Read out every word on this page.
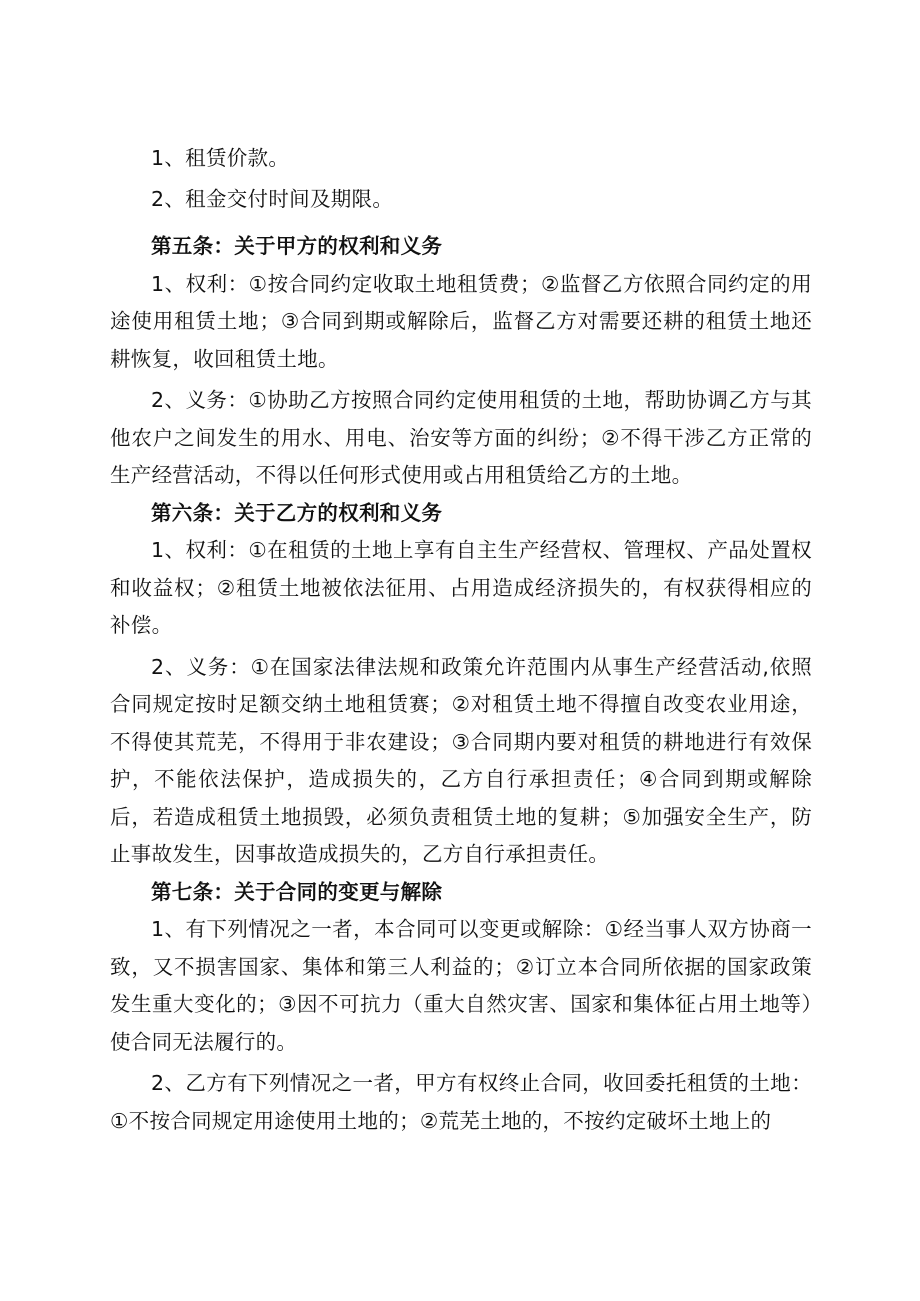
1、租赁价款。

2、租金交付时间及期限。

第五条：关于甲方的权利和义务

1、权利：①按合同约定收取土地租赁费；②监督乙方依照合同约定的用途使用租赁土地；③合同到期或解除后，监督乙方对需要还耕的租赁土地还耕恢复，收回租赁土地。

2、义务：①协助乙方按照合同约定使用租赁的土地，帮助协调乙方与其他农户之间发生的用水、用电、治安等方面的纠纷；②不得干涉乙方正常的生产经营活动，不得以任何形式使用或占用租赁给乙方的土地。

第六条：关于乙方的权利和义务

1、权利：①在租赁的土地上享有自主生产经营权、管理权、产品处置权和收益权；②租赁土地被依法征用、占用造成经济损失的，有权获得相应的补偿。

2、义务：①在国家法律法规和政策允许范围内从事生产经营活动,依照合同规定按时足额交纳土地租赁赛；②对租赁土地不得擅自改变农业用途，不得使其荒芜，不得用于非农建设；③合同期内要对租赁的耕地进行有效保护，不能依法保护，造成损失的，乙方自行承担责任；④合同到期或解除后，若造成租赁土地损毁，必须负责租赁土地的复耕；⑤加强安全生产，防止事故发生，因事故造成损失的，乙方自行承担责任。

第七条：关于合同的变更与解除

1、有下列情况之一者，本合同可以变更或解除：①经当事人双方协商一致，又不损害国家、集体和第三人利益的；②订立本合同所依据的国家政策发生重大变化的；③因不可抗力（重大自然灾害、国家和集体征占用土地等）使合同无法履行的。

2、乙方有下列情况之一者，甲方有权终止合同，收回委托租赁的土地：①不按合同规定用途使用土地的；②荒芜土地的，不按约定破坏土地上的
